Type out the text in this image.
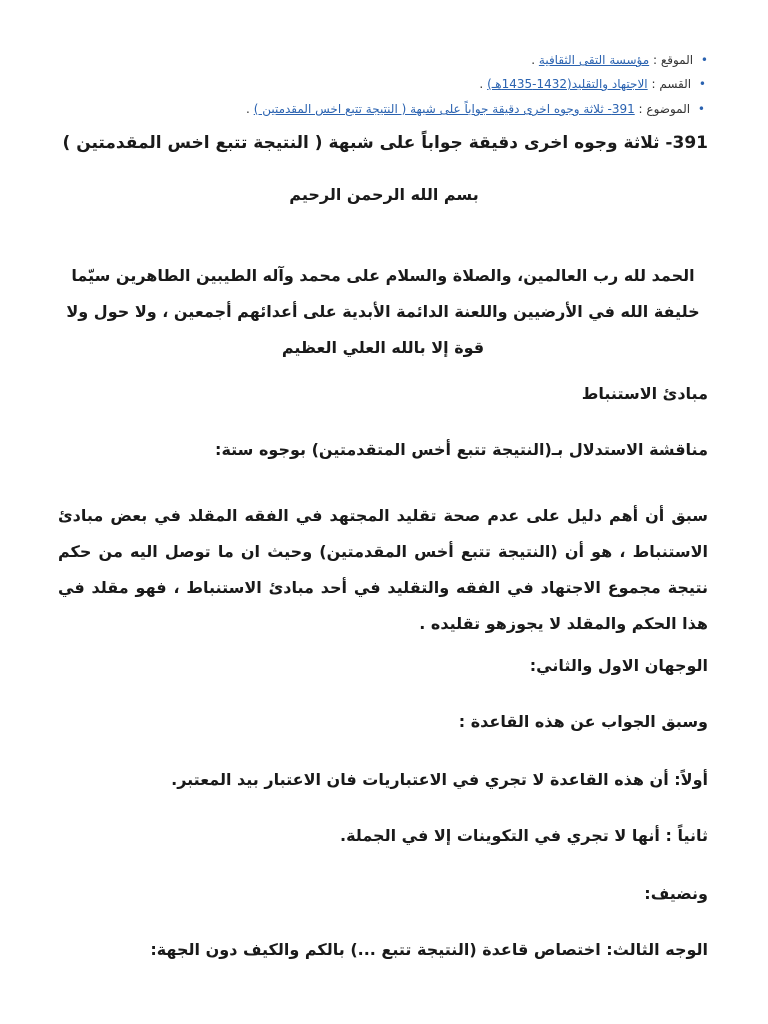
• الموقع : مؤسسة التقى الثقافية .
• القسم : الاجتهاد والتقليد(1432-1435هـ) .
• الموضوع : 391- ثلاثة وجوه اخرى دقيقة جواباً على شبهة ( النتيجة تتبع اخس المقدمتين ) .
391- ثلاثة وجوه اخرى دقيقة جواباً على شبهة ( النتيجة تتبع اخس المقدمتين )
بسم الله الرحمن الرحيم
الحمد لله رب العالمين، والصلاة والسلام على محمد وآله الطيبين الطاهرين سيّما خليفة الله في الأرضيين واللعنة الدائمة الأبدية على أعدائهم أجمعين ، ولا حول ولا قوة إلا بالله العلي العظيم
مبادئ الاستنباط
مناقشة الاستدلال بـ(النتيجة تتبع أخس المتقدمتين) بوجوه ستة:
سبق أن أهم دليل على عدم صحة تقليد المجتهد في الفقه المقلد في بعض مبادئ الاستنباط ، هو أن (النتيجة تتبع أخس المقدمتين) وحيث ان ما توصل اليه من حكم نتيجة مجموع الاجتهاد في الفقه والتقليد في أحد مبادئ الاستنباط ، فهو مقلد في هذا الحكم والمقلد لا يجوزهو تقليده .
الوجهان الاول والثاني:
وسبق الجواب عن هذه القاعدة :
أولاً: أن هذه القاعدة لا تجري في الاعتباريات فان الاعتبار بيد المعتبر.
ثانياً : أنها لا تجري في التكوينات إلا في الجملة.
ونضيف:
الوجه الثالث: اختصاص قاعدة (النتيجة تتبع ...) بالكم والكيف دون الجهة:
